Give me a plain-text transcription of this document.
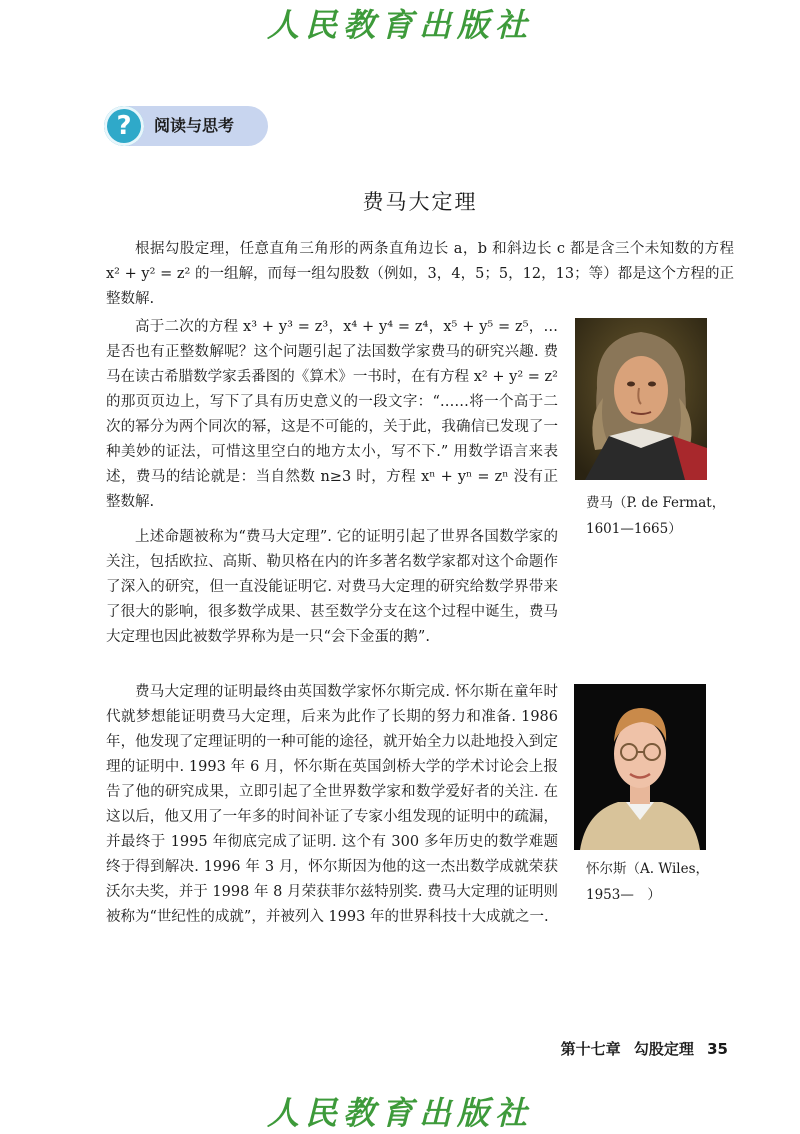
人民教育出版社
?	阅读与思考
费马大定理

根据勾股定理，任意直角三角形的两条直角边长 a，b 和斜边长 c 都是含三个未知数的方程 x² + y² = z² 的一组解，而每一组勾股数（例如，3，4，5；5，12，13；等）都是这个方程的正整数解.

高于二次的方程 x³ + y³ = z³，x⁴ + y⁴ = z⁴，x⁵ + y⁵ = z⁵，… 是否也有正整数解呢？这个问题引起了法国数学家费马的研究兴趣. 费马在读古希腊数学家丢番图的《算术》一书时，在有方程 x² + y² = z² 的那页页边上，写下了具有历史意义的一段文字：“……将一个高于二次的幂分为两个同次的幂，这是不可能的，关于此，我确信已发现了一种美妙的证法，可惜这里空白的地方太小，写不下.” 用数学语言来表述，费马的结论就是：当自然数 n≥3 时，方程 xⁿ + yⁿ = zⁿ 没有正整数解.

上述命题被称为“费马大定理”. 它的证明引起了世界各国数学家的关注，包括欧拉、高斯、勒贝格在内的许多著名数学家都对这个命题作了深入的研究，但一直没能证明它. 对费马大定理的研究给数学界带来了很大的影响，很多数学成果、甚至数学分支在这个过程中诞生，费马大定理也因此被数学界称为是一只“会下金蛋的鹅”.

费马大定理的证明最终由英国数学家怀尔斯完成. 怀尔斯在童年时代就梦想能证明费马大定理，后来为此作了长期的努力和准备. 1986 年，他发现了定理证明的一种可能的途径，就开始全力以赴地投入到定理的证明中. 1993 年 6 月，怀尔斯在英国剑桥大学的学术讨论会上报告了他的研究成果，立即引起了全世界数学家和数学爱好者的关注. 在这以后，他又用了一年多的时间补证了专家小组发现的证明中的疏漏，并最终于 1995 年彻底完成了证明. 这个有 300 多年历史的数学难题终于得到解决. 1996 年 3 月，怀尔斯因为他的这一杰出数学成就荣获沃尔夫奖，并于 1998 年 8 月荣获菲尔兹特别奖. 费马大定理的证明则被称为“世纪性的成就”，并被列入 1993 年的世界科技十大成就之一.

费马（P. de Fermat，
1601—1665）
怀尔斯（A. Wiles，
1953—　）
第十七章 勾股定理 35
人民教育出版社
